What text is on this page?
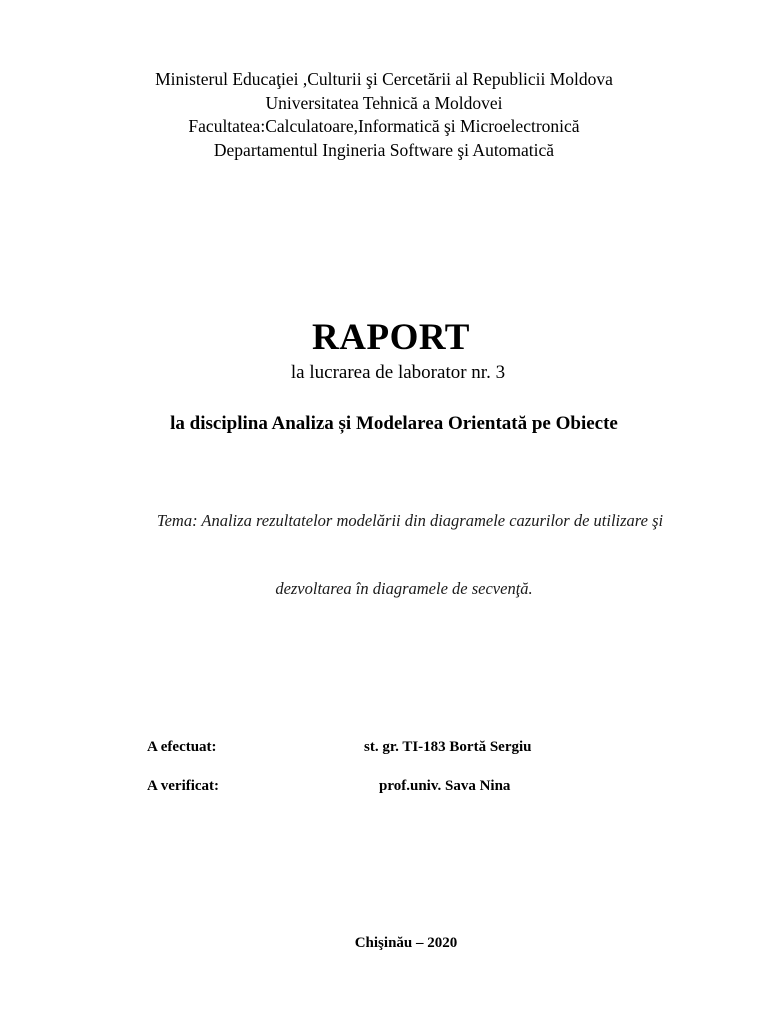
Ministerul Educaţiei ,Culturii şi Cercetării al Republicii Moldova
Universitatea Tehnică a Moldovei
Facultatea:Calculatoare,Informatică şi Microelectronică
Departamentul Ingineria Software şi Automatică
RAPORT
la lucrarea de laborator nr. 3
la disciplina Analiza și Modelarea Orientată pe Obiecte
Tema: Analiza rezultatelor modelării din diagramele cazurilor de utilizare şi
dezvoltarea în diagramele de secvenţă.
A efectuat:	st. gr. TI-183 Bortă Sergiu
A verificat:	prof.univ. Sava Nina
Chişinău – 2020
